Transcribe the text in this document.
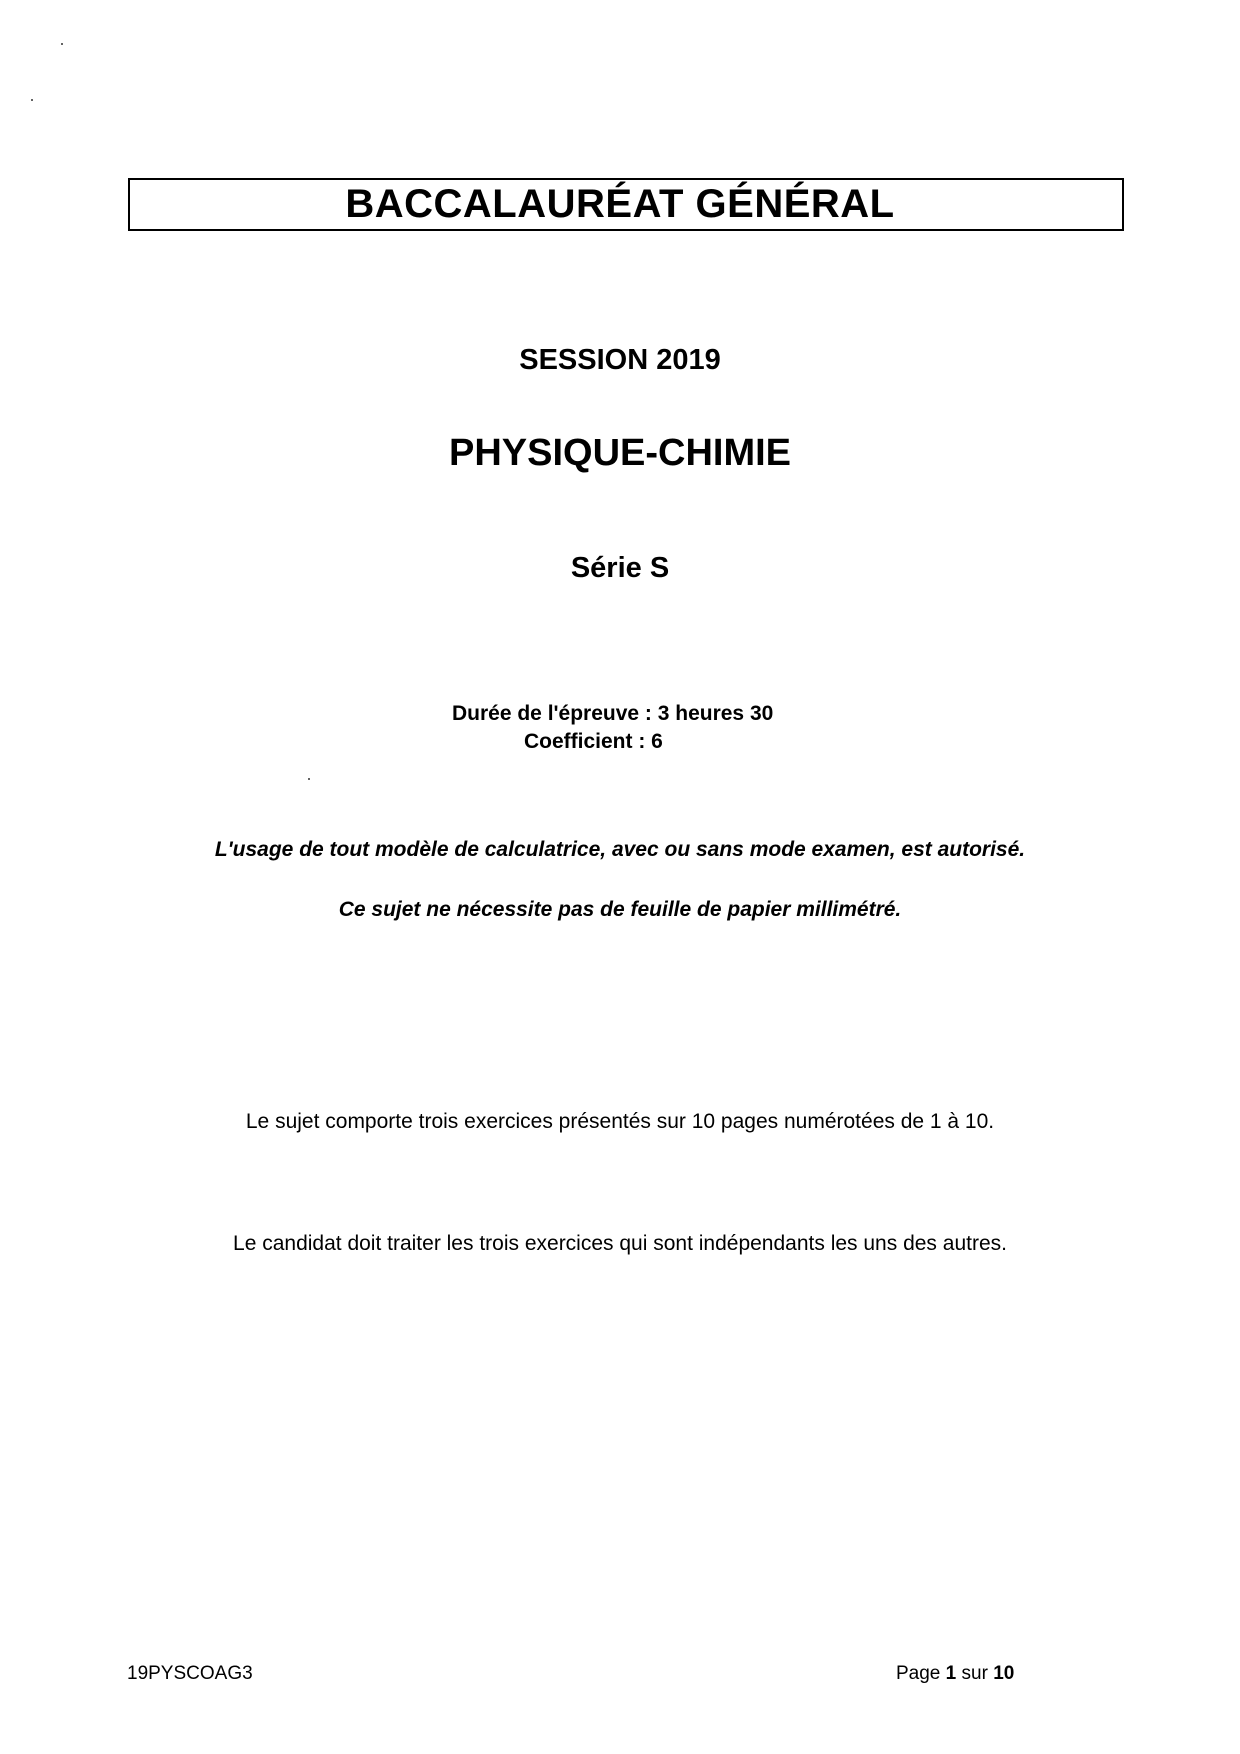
BACCALAURÉAT GÉNÉRAL
SESSION 2019
PHYSIQUE-CHIMIE
Série S
Durée de l'épreuve : 3 heures 30
Coefficient : 6
L'usage de tout modèle de calculatrice, avec ou sans mode examen, est autorisé.
Ce sujet ne nécessite pas de feuille de papier millimétré.
Le sujet comporte trois exercices présentés sur 10 pages numérotées de 1 à 10.
Le candidat doit traiter les trois exercices qui sont indépendants les uns des autres.
19PYSCOAG3	Page 1 sur 10
